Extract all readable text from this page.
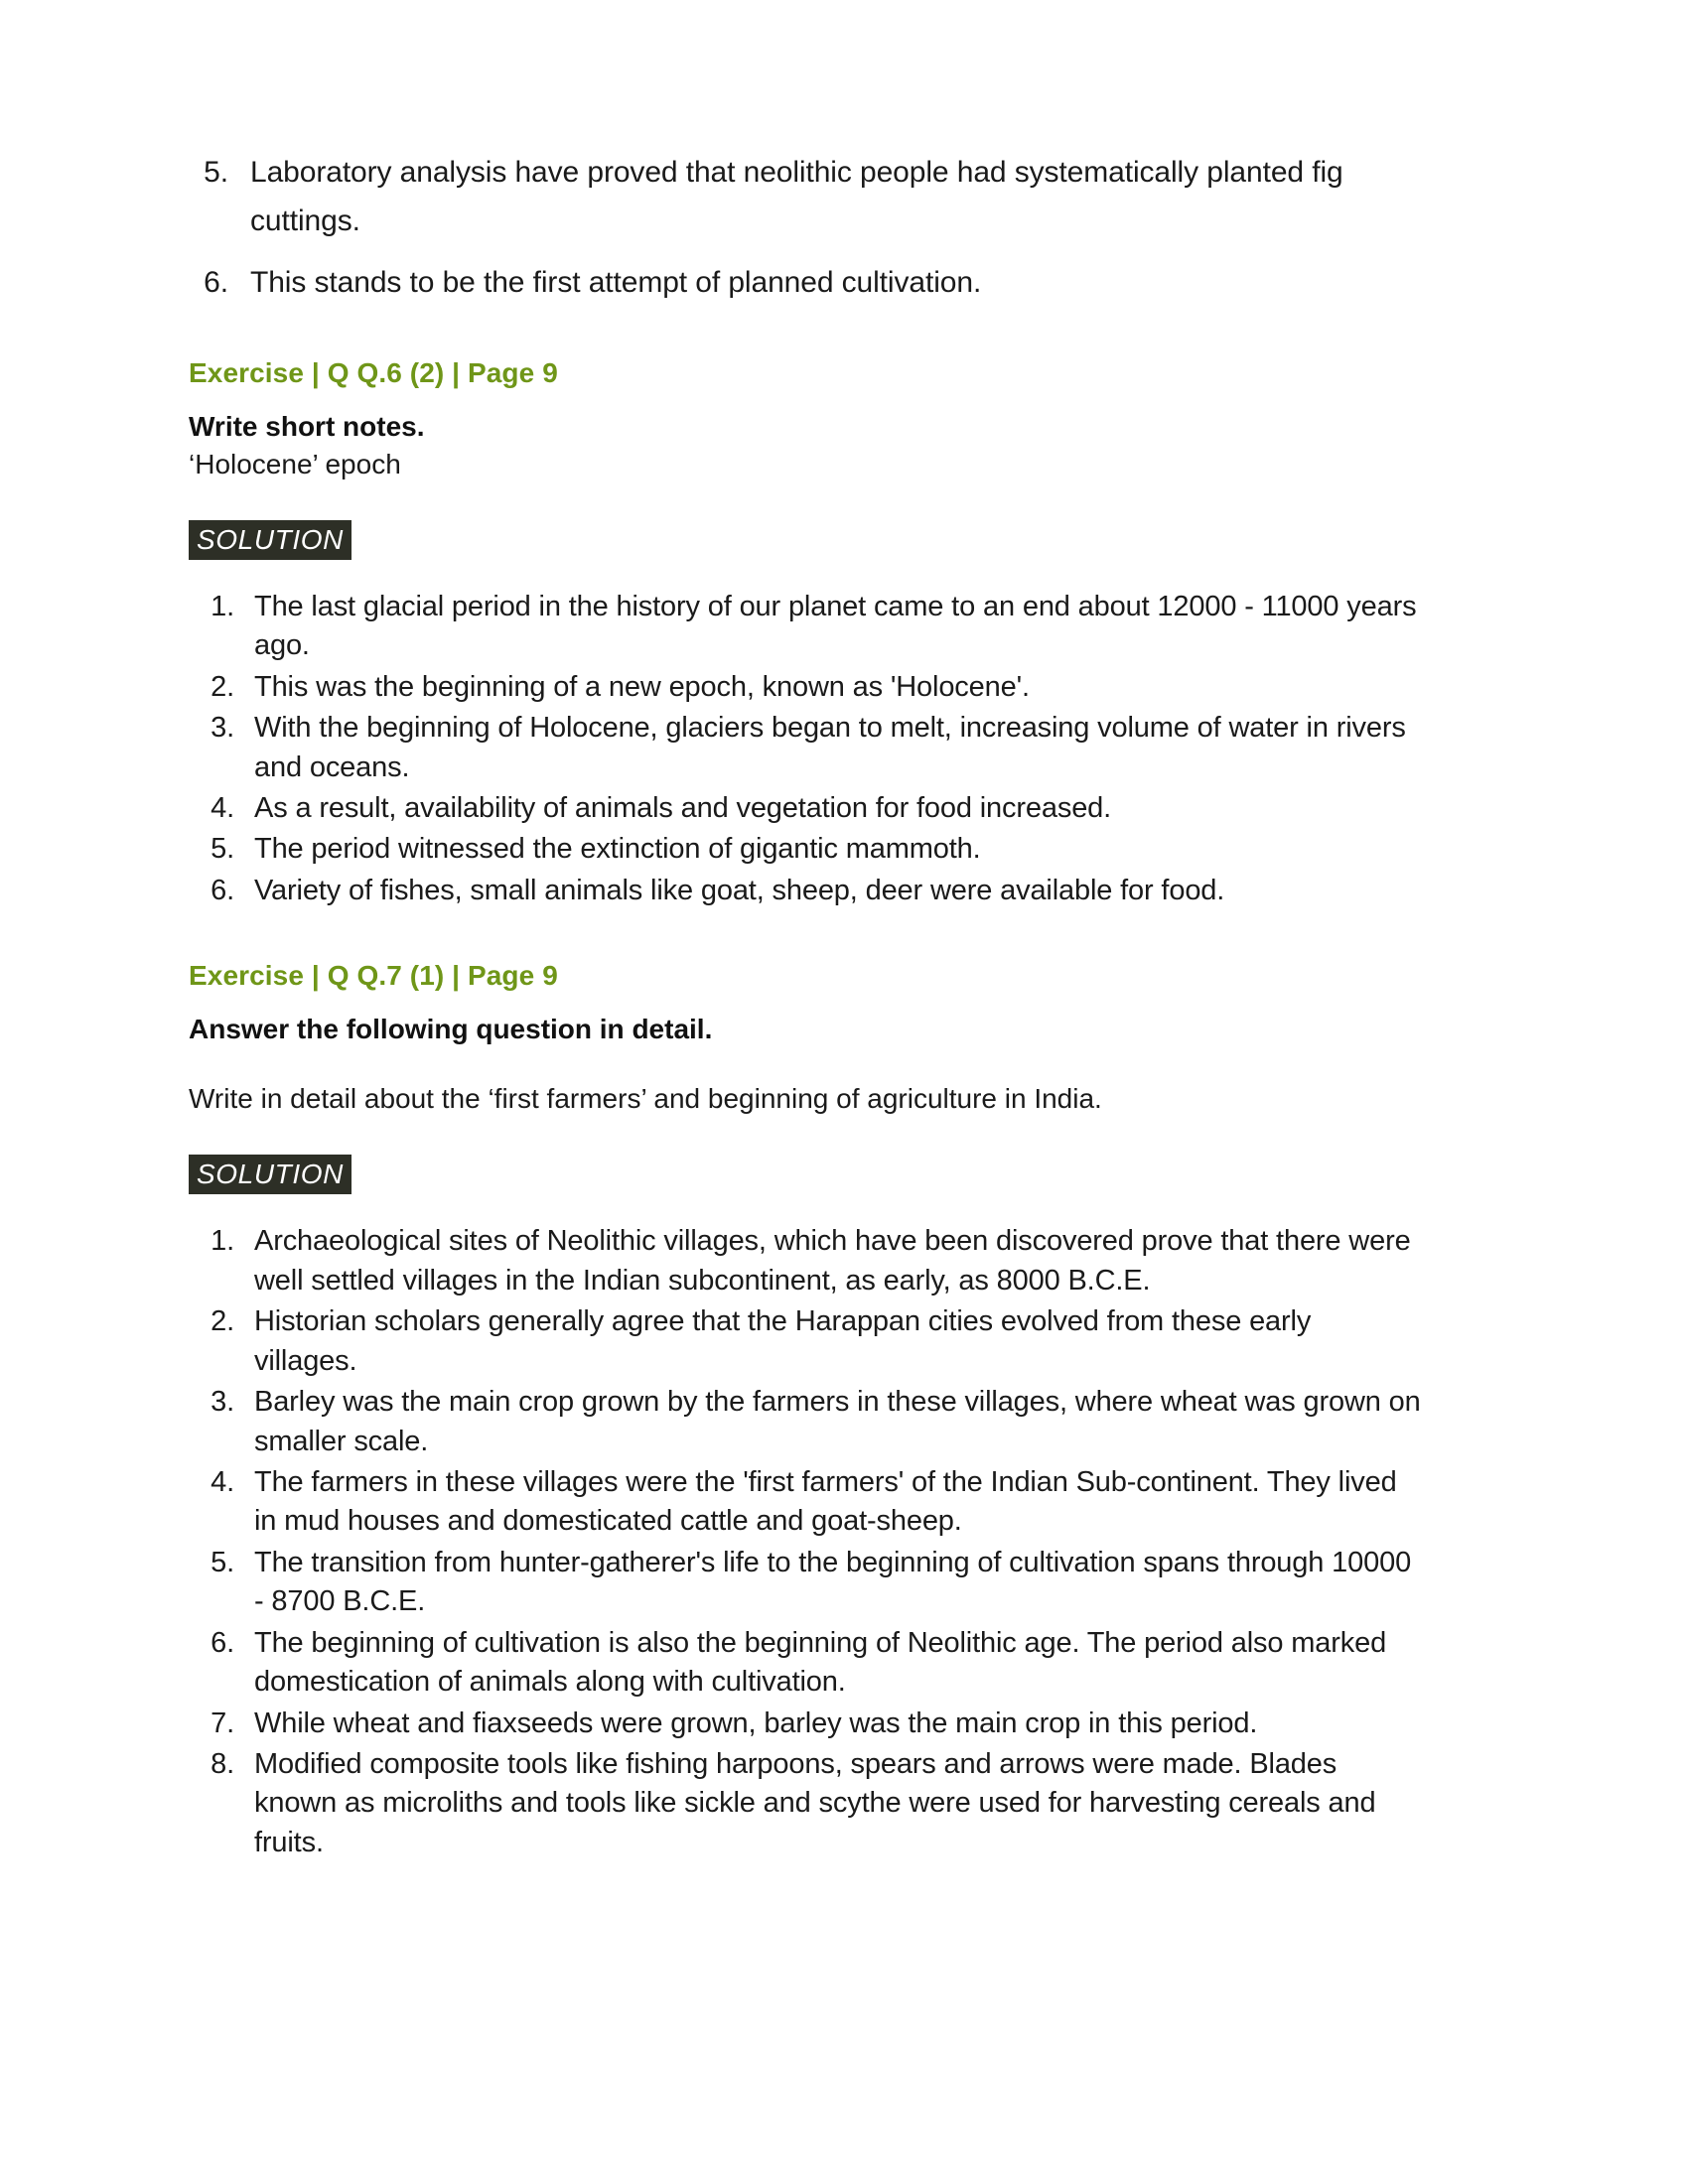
5. Laboratory analysis have proved that neolithic people had systematically planted fig cuttings.
6. This stands to be the first attempt of planned cultivation.
Exercise | Q Q.6 (2) | Page 9
Write short notes.
‘Holocene’ epoch
SOLUTION
1. The last glacial period in the history of our planet came to an end about 12000 - 11000 years ago.
2. This was the beginning of a new epoch, known as 'Holocene'.
3. With the beginning of Holocene, glaciers began to melt, increasing volume of water in rivers and oceans.
4. As a result, availability of animals and vegetation for food increased.
5. The period witnessed the extinction of gigantic mammoth.
6. Variety of fishes, small animals like goat, sheep, deer were available for food.
Exercise | Q Q.7 (1) | Page 9
Answer the following question in detail.
Write in detail about the ‘first farmers’ and beginning of agriculture in India.
SOLUTION
1. Archaeological sites of Neolithic villages, which have been discovered prove that there were well settled villages in the Indian subcontinent, as early, as 8000 B.C.E.
2. Historian scholars generally agree that the Harappan cities evolved from these early villages.
3. Barley was the main crop grown by the farmers in these villages, where wheat was grown on smaller scale.
4. The farmers in these villages were the 'first farmers' of the Indian Sub-continent. They lived in mud houses and domesticated cattle and goat-sheep.
5. The transition from hunter-gatherer's life to the beginning of cultivation spans through 10000 - 8700 B.C.E.
6. The beginning of cultivation is also the beginning of Neolithic age. The period also marked domestication of animals along with cultivation.
7. While wheat and fiaxseeds were grown, barley was the main crop in this period.
8. Modified composite tools like fishing harpoons, spears and arrows were made. Blades known as microliths and tools like sickle and scythe were used for harvesting cereals and fruits.
